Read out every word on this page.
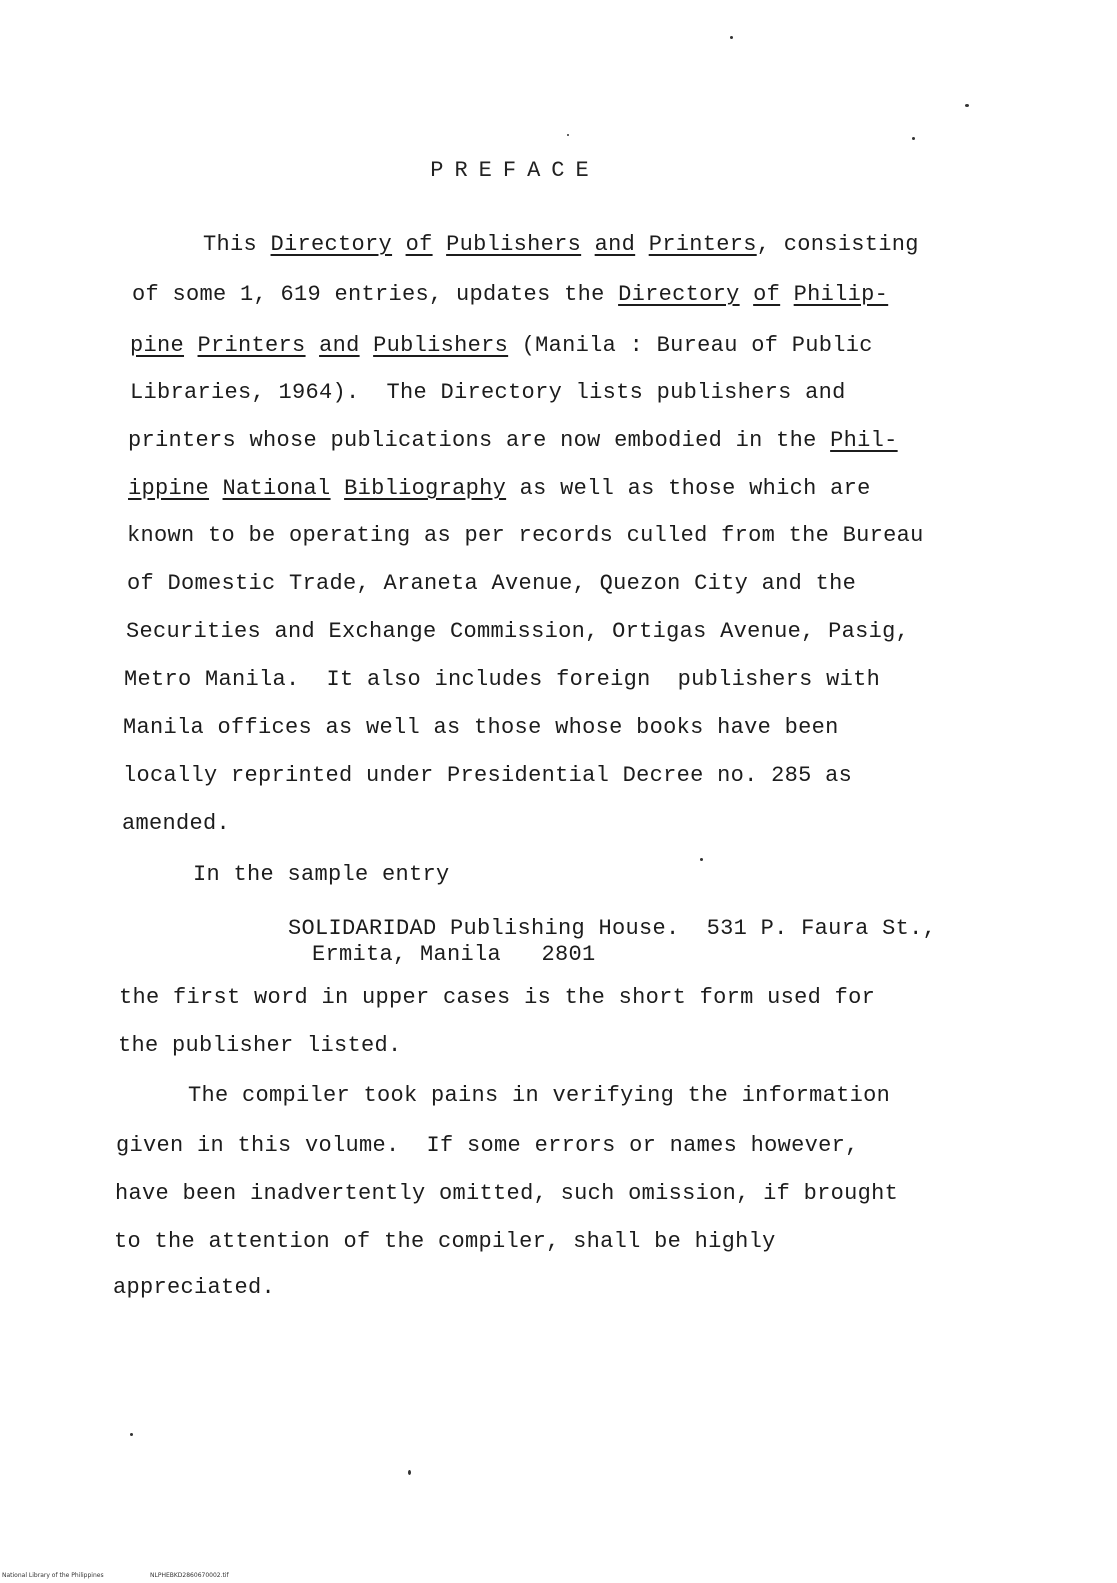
PREFACE
This Directory of Publishers and Printers, consisting
of some 1, 619 entries, updates the Directory of Philip-
pine Printers and Publishers (Manila : Bureau of Public
Libraries, 1964).  The Directory lists publishers and
printers whose publications are now embodied in the Phil-
ippine National Bibliography as well as those which are
known to be operating as per records culled from the Bureau
of Domestic Trade, Araneta Avenue, Quezon City and the
Securities and Exchange Commission, Ortigas Avenue, Pasig,
Metro Manila.  It also includes foreign  publishers with
Manila offices as well as those whose books have been
locally reprinted under Presidential Decree no. 285 as
amended.
In the sample entry
SOLIDARIDAD Publishing House.  531 P. Faura St.,
Ermita, Manila   2801
the first word in upper cases is the short form used for
the publisher listed.
The compiler took pains in verifying the information
given in this volume.  If some errors or names however,
have been inadvertently omitted, such omission, if brought
to the attention of the compiler, shall be highly
appreciated.
National Library of the Philippines	NLPHEBKD2860670002.tif
